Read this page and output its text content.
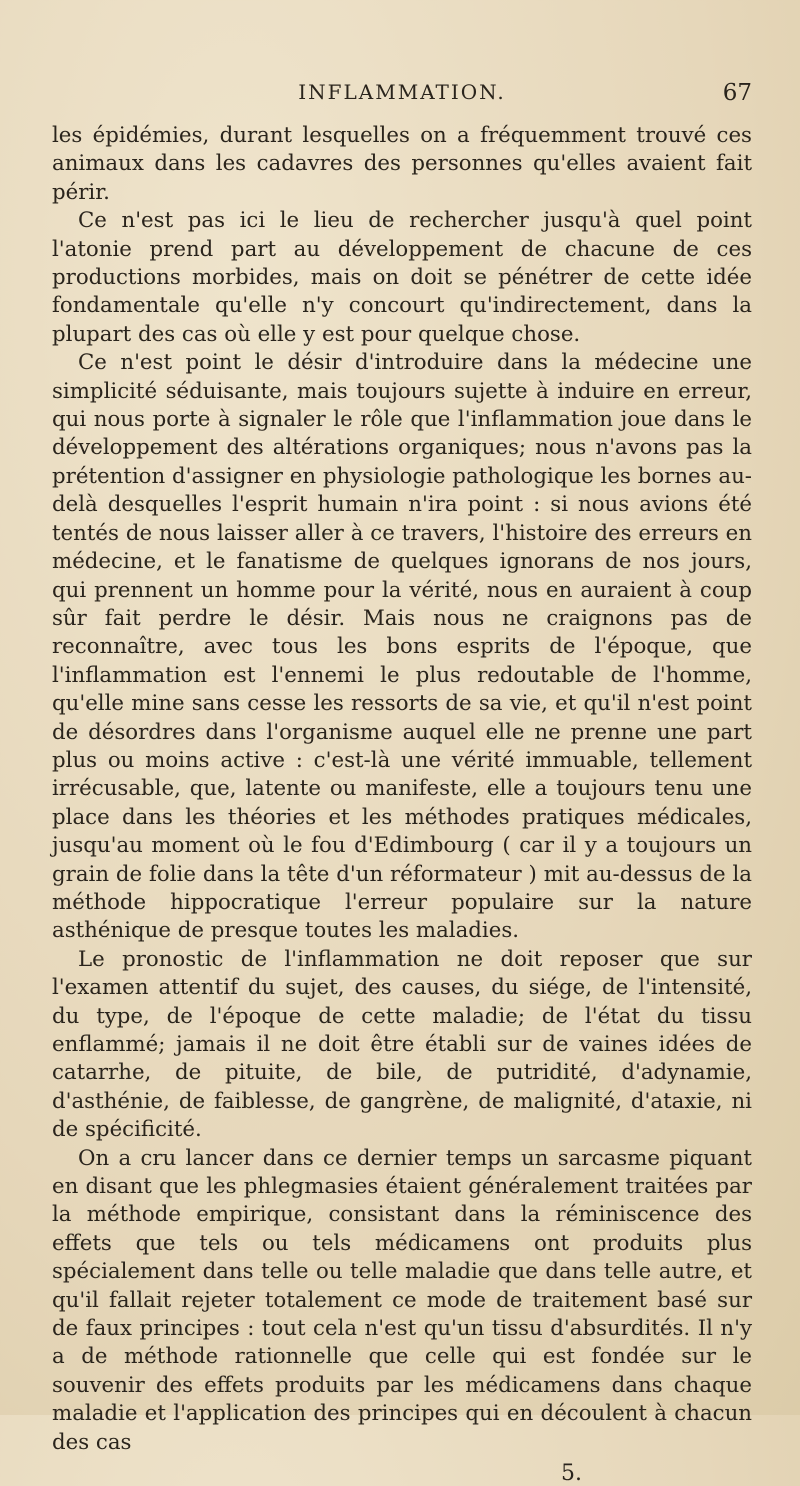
INFLAMMATION.	67

les épidémies, durant lesquelles on a fréquemment trouvé ces animaux dans les cadavres des personnes qu'elles avaient fait périr.

Ce n'est pas ici le lieu de rechercher jusqu'à quel point l'atonie prend part au développement de chacune de ces productions morbides, mais on doit se pénétrer de cette idée fondamentale qu'elle n'y concourt qu'indirectement, dans la plupart des cas où elle y est pour quelque chose.

Ce n'est point le désir d'introduire dans la médecine une simplicité séduisante, mais toujours sujette à induire en erreur, qui nous porte à signaler le rôle que l'inflammation joue dans le développement des altérations organiques; nous n'avons pas la prétention d'assigner en physiologie pathologique les bornes au-delà desquelles l'esprit humain n'ira point : si nous avions été tentés de nous laisser aller à ce travers, l'histoire des erreurs en médecine, et le fanatisme de quelques ignorans de nos jours, qui prennent un homme pour la vérité, nous en auraient à coup sûr fait perdre le désir. Mais nous ne craignons pas de reconnaître, avec tous les bons esprits de l'époque, que l'inflammation est l'ennemi le plus redoutable de l'homme, qu'elle mine sans cesse les ressorts de sa vie, et qu'il n'est point de désordres dans l'organisme auquel elle ne prenne une part plus ou moins active : c'est-là une vérité immuable, tellement irrécusable, que, latente ou manifeste, elle a toujours tenu une place dans les théories et les méthodes pratiques médicales, jusqu'au moment où le fou d'Edimbourg ( car il y a toujours un grain de folie dans la tête d'un réformateur ) mit au-dessus de la méthode hippocratique l'erreur populaire sur la nature asthénique de presque toutes les maladies.

Le pronostic de l'inflammation ne doit reposer que sur l'examen attentif du sujet, des causes, du siége, de l'intensité, du type, de l'époque de cette maladie; de l'état du tissu enflammé; jamais il ne doit être établi sur de vaines idées de catarrhe, de pituite, de bile, de putridité, d'adynamie, d'asthénie, de faiblesse, de gangrène, de malignité, d'ataxie, ni de spécificité.

On a cru lancer dans ce dernier temps un sarcasme piquant en disant que les phlegmasies étaient généralement traitées par la méthode empirique, consistant dans la réminiscence des effets que tels ou tels médicamens ont produits plus spécialement dans telle ou telle maladie que dans telle autre, et qu'il fallait rejeter totalement ce mode de traitement basé sur de faux principes : tout cela n'est qu'un tissu d'absurdités. Il n'y a de méthode rationnelle que celle qui est fondée sur le souvenir des effets produits par les médicamens dans chaque maladie et l'application des principes qui en découlent à chacun des cas

5.
